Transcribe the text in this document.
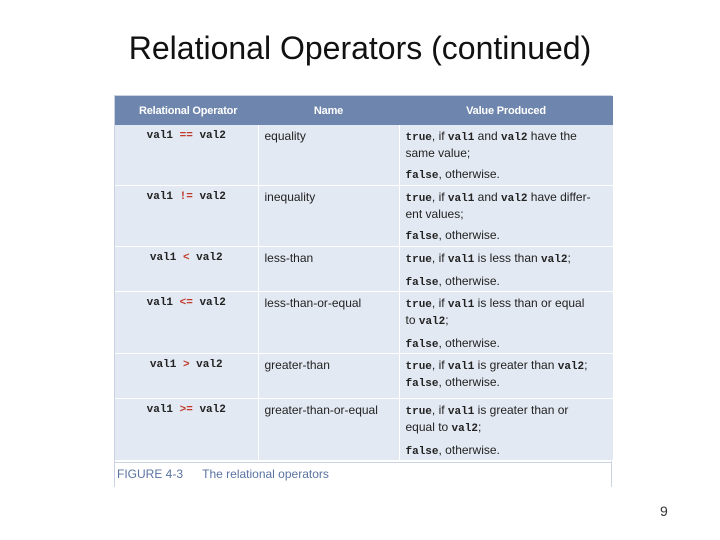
Relational Operators (continued)
Relational Operator	Name	Value Produced
val1 == val2	equality	true, if val1 and val2 have the
same value;
false, otherwise.

val1 != val2	inequality	true, if val1 and val2 have differ-
ent values;
false, otherwise.

val1 < val2	less-than	true, if val1 is less than val2;
false, otherwise.

val1 <= val2	less-than-or-equal	true, if val1 is less than or equal
to val2;
false, otherwise.

val1 > val2	greater-than	true, if val1 is greater than val2;
false, otherwise.

val1 >= val2	greater-than-or-equal	true, if val1 is greater than or
equal to val2;
false, otherwise.
FIGURE 4-3 The relational operators
9
